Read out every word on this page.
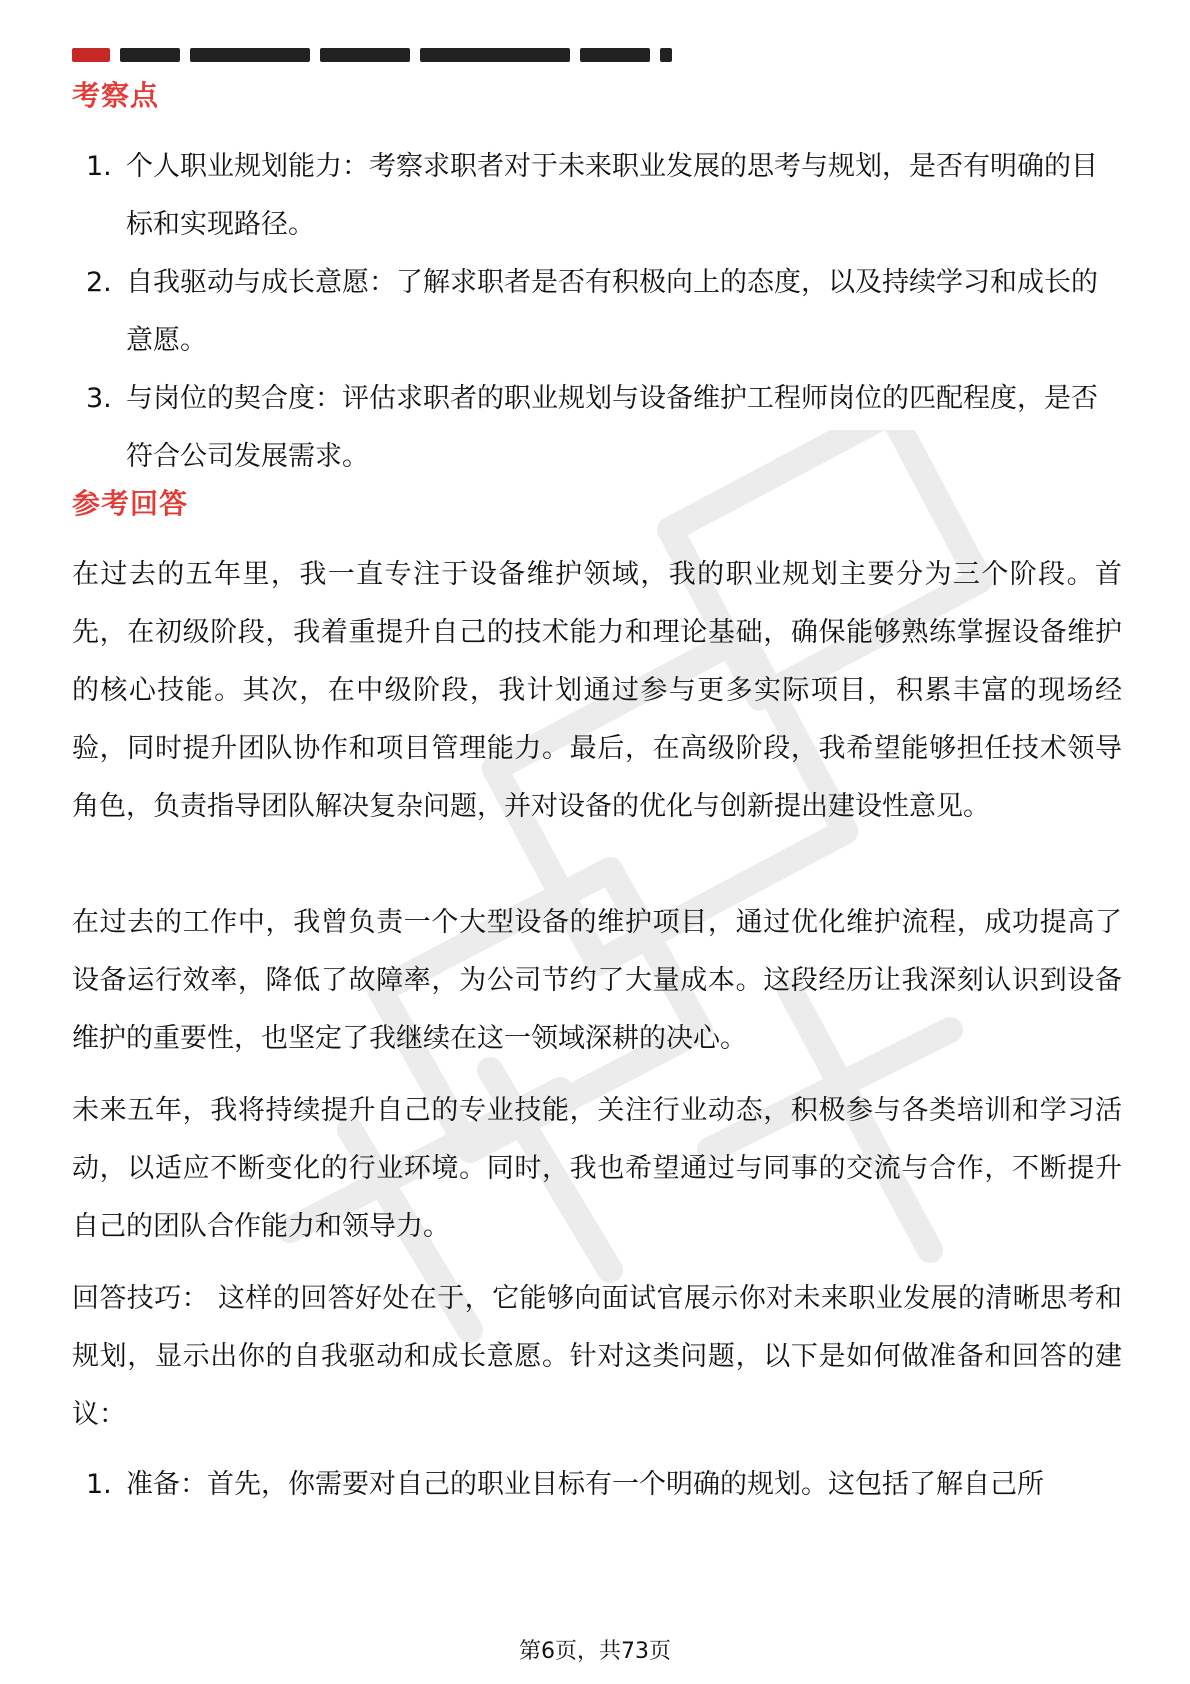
考察点
1. 个人职业规划能力：考察求职者对于未来职业发展的思考与规划，是否有明确的目标和实现路径。
2. 自我驱动与成长意愿：了解求职者是否有积极向上的态度，以及持续学习和成长的意愿。
3. 与岗位的契合度：评估求职者的职业规划与设备维护工程师岗位的匹配程度，是否符合公司发展需求。
参考回答

在过去的五年里，我一直专注于设备维护领域，我的职业规划主要分为三个阶段。首先，在初级阶段，我着重提升自己的技术能力和理论基础，确保能够熟练掌握设备维护的核心技能。其次，在中级阶段，我计划通过参与更多实际项目，积累丰富的现场经验，同时提升团队协作和项目管理能力。最后，在高级阶段，我希望能够担任技术领导角色，负责指导团队解决复杂问题，并对设备的优化与创新提出建设性意见。

在过去的工作中，我曾负责一个大型设备的维护项目，通过优化维护流程，成功提高了设备运行效率，降低了故障率，为公司节约了大量成本。这段经历让我深刻认识到设备维护的重要性，也坚定了我继续在这一领域深耕的决心。

未来五年，我将持续提升自己的专业技能，关注行业动态，积极参与各类培训和学习活动，以适应不断变化的行业环境。同时，我也希望通过与同事的交流与合作，不断提升自己的团队合作能力和领导力。

回答技巧： 这样的回答好处在于，它能够向面试官展示你对未来职业发展的清晰思考和规划，显示出你的自我驱动和成长意愿。针对这类问题，以下是如何做准备和回答的建议：

1. 准备：首先，你需要对自己的职业目标有一个明确的规划。这包括了解自己所
第6页，共73页
